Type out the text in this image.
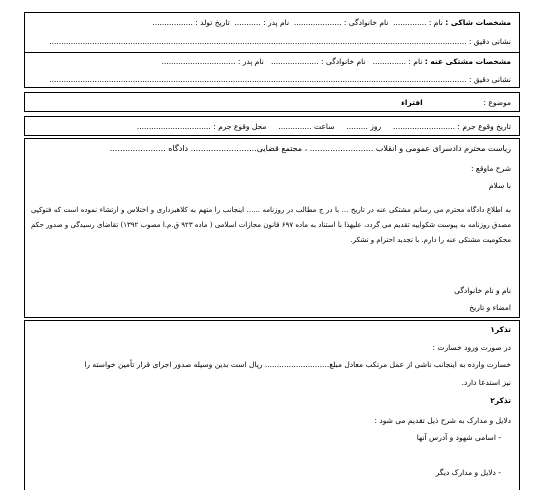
مشخصات شاکی : نام : ..............  نام خانوادگی : ....................  نام پدر : ...........  تاریخ تولد : .................
نشانی دقیق : ...............................................................................................................................................................................
مشخصات مشتکی عنه : نام : ..............   نام خانوادگی : ....................   نام پدر : ...............................
نشانی دقیق : ...............................................................................................................................................................................
موضوع :  افتراء
تاریخ وقوع جرم : ..........................     روز .........     ساعت ..............     محل وقوع جرم : ...............................
ریاست محترم دادسرای عمومی و انقلاب ......................... ، مجتمع قضایی.......................... دادگاه ......................
شرح ماوقع :
با سلام
به اطلاع دادگاه محترم می رسانم مشتکی عنه در تاریخ ... با در ج مطالب در روزنامه ...... اینجانب را متهم به کلاهبرداری و اختلاس و ارتشاء نموده است که فتوکپی مصدق روزنامه به پیوست شکواییه تقدیم می گردد، علیهذا با استناد به ماده ۶۹۷ قانون مجازات اسلامی ( ماده ۹۲۳ ق.م.ا مصوب ۱۳۹۲) تقاضای رسیدگی و صدور حکم محکومیت مشتکی عنه را دارم. با تجدید احترام و تشکر.
نام و نام خانوادگی
امضاء و تاریخ
تذکر۱
در صورت ورود خسارت :
خسارت وارده به اینجانب ناشی از عمل مرتکب معادل مبلغ........................... ریال است بدین وسیله صدور اجرای قرار تأمین خواسته را
نیز استدعا دارد.
تذکر۲
دلایل و مدارک به شرح ذیل تقدیم می شود :
- اسامی شهود و آدرس آنها
- دلایل و مدارک دیگر
